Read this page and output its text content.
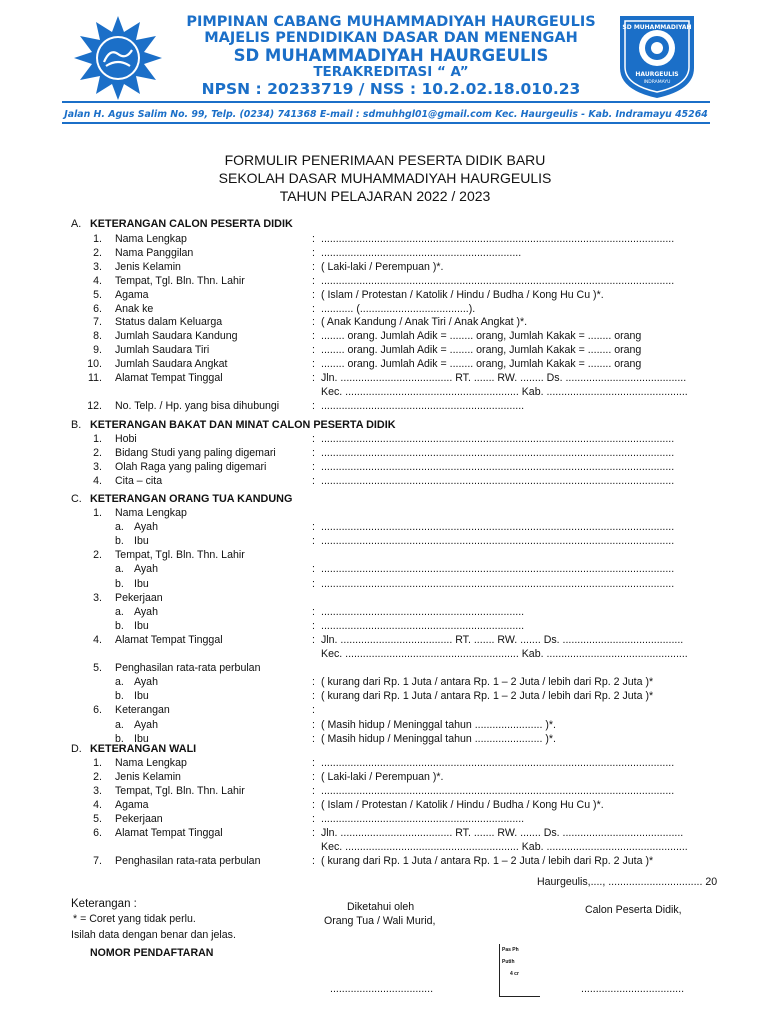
PIMPINAN CABANG MUHAMMADIYAH HAURGEULIS
MAJELIS PENDIDIKAN DASAR DAN MENENGAH
SD MUHAMMADIYAH HAURGEULIS
TERAKREDITASI “ A”
NPSN : 20233719 / NSS : 10.2.02.18.010.23
SD MUHAMMADIYAH
HAURGEULIS
INDRAMAYU
Jalan H. Agus Salim No. 99, Telp. (0234) 741368 E-mail : sdmuhhgl01@gmail.com Kec. Haurgeulis - Kab. Indramayu 45264
FORMULIR PENERIMAAN PESERTA DIDIK BARU
SEKOLAH DASAR MUHAMMADIYAH HAURGEULIS
TAHUN PELAJARAN 2022 / 2023
A. KETERANGAN CALON PESERTA DIDIK
1. Nama Lengkap	: ........................................................................................................................
2. Nama Panggilan	: ....................................................................
3. Jenis Kelamin	: ( Laki-laki / Perempuan )*.
4. Tempat, Tgl. Bln. Thn. Lahir	: ........................................................................................................................
5. Agama	: ( Islam / Protestan / Katolik / Hindu / Budha / Kong Hu Cu )*.
6. Anak ke	: ........... (.....................................).
7. Status dalam Keluarga	: ( Anak Kandung / Anak Tiri / Anak Angkat )*.
8. Jumlah Saudara Kandung	: ........ orang. Jumlah Adik = ........ orang, Jumlah Kakak = ........ orang
9. Jumlah Saudara Tiri	: ........ orang. Jumlah Adik = ........ orang, Jumlah Kakak = ........ orang
10. Jumlah Saudara Angkat	: ........ orang. Jumlah Adik = ........ orang, Jumlah Kakak = ........ orang
11. Alamat Tempat Tinggal	: Jln. ...................................... RT. ....... RW. ........ Ds. .........................................
Kec. ........................................................... Kab. ................................................
12. No. Telp. / Hp. yang bisa dihubungi	: .....................................................................
B. KETERANGAN BAKAT DAN MINAT CALON PESERTA DIDIK
1. Hobi	: ........................................................................................................................
2. Bidang Studi yang paling digemari	: ........................................................................................................................
3. Olah Raga yang paling digemari	: ........................................................................................................................
4. Cita – cita	: ........................................................................................................................
C. KETERANGAN ORANG TUA KANDUNG
1. Nama Lengkap
a. Ayah	: ........................................................................................................................
b. Ibu	: ........................................................................................................................
2. Tempat, Tgl. Bln. Thn. Lahir
a. Ayah	: ........................................................................................................................
b. Ibu	: ........................................................................................................................
3. Pekerjaan
a. Ayah	: .....................................................................
b. Ibu	: .....................................................................
4. Alamat Tempat Tinggal	: Jln. ...................................... RT. ....... RW. ....... Ds. .........................................
Kec. ........................................................... Kab. ................................................
5. Penghasilan rata-rata perbulan
a. Ayah	: ( kurang dari Rp. 1 Juta / antara Rp. 1 – 2 Juta / lebih dari Rp. 2 Juta )*
b. Ibu	: ( kurang dari Rp. 1 Juta / antara Rp. 1 – 2 Juta / lebih dari Rp. 2 Juta )*
6. Keterangan	:
a. Ayah	: ( Masih hidup / Meninggal tahun ....................... )*.
b. Ibu	: ( Masih hidup / Meninggal tahun ....................... )*.
D. KETERANGAN WALI
1. Nama Lengkap	: ........................................................................................................................
2. Jenis Kelamin	: ( Laki-laki / Perempuan )*.
3. Tempat, Tgl. Bln. Thn. Lahir	: ........................................................................................................................
4. Agama	: ( Islam / Protestan / Katolik / Hindu / Budha / Kong Hu Cu )*.
5. Pekerjaan	: .....................................................................
6. Alamat Tempat Tinggal	: Jln. ...................................... RT. ....... RW. ....... Ds. .........................................
Kec. ........................................................... Kab. ................................................
7. Penghasilan rata-rata perbulan	: ( kurang dari Rp. 1 Juta / antara Rp. 1 – 2 Juta / lebih dari Rp. 2 Juta )*
Haurgeulis,...., ................................ 20
Keterangan :
* = Coret yang tidak perlu.
Isilah data dengan benar dan jelas.
Diketahui oleh
Orang Tua / Wali Murid,
Calon Peserta Didik,
NOMOR PENDAFTARAN	Pas Ph
Putih
4 cr
...................................	...................................
